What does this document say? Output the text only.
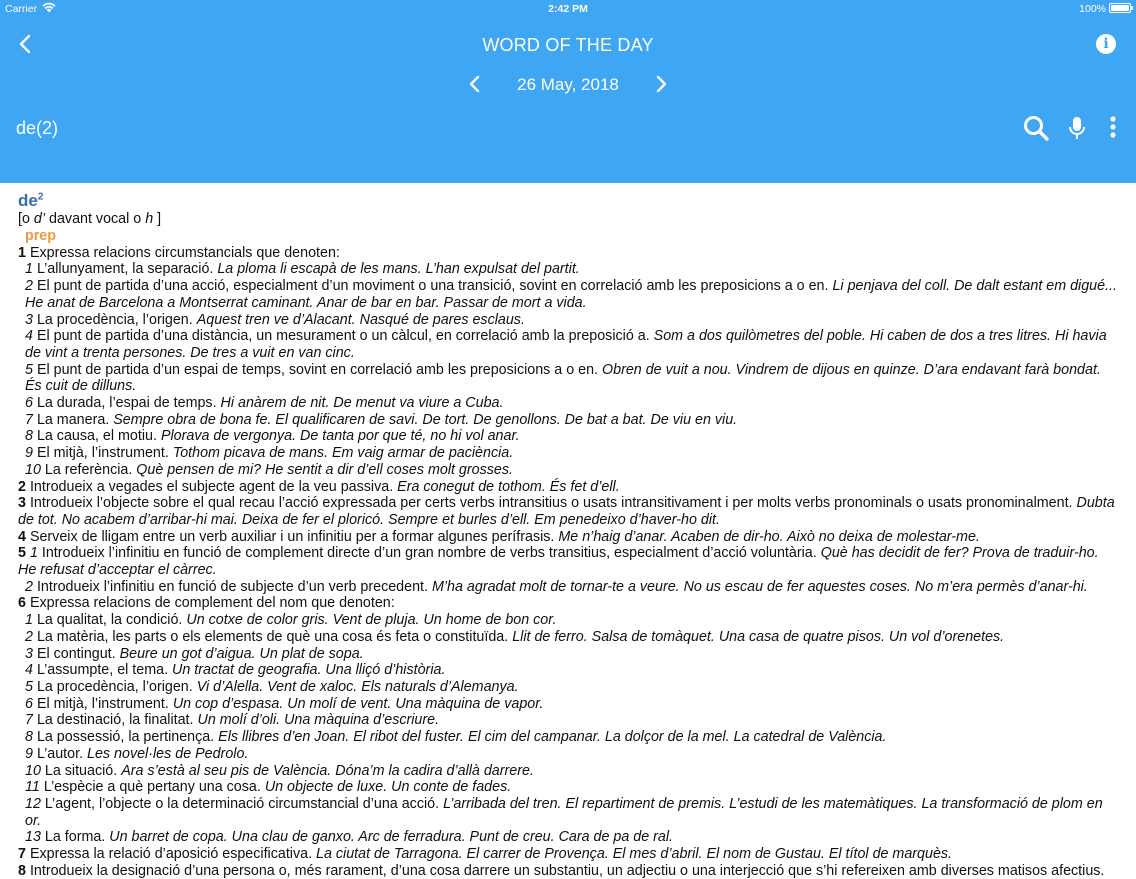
Carrier	2:42 PM	100%
WORD OF THE DAY	i
26 May, 2018
de(2)
$de^2$
[o d’ davant vocal o h ]
prep
1 Expressa relacions circumstancials que denoten:
1 L’allunyament, la separació. La ploma li escapà de les mans. L’han expulsat del partit.
2 El punt de partida d’una acció, especialment d’un moviment o una transició, sovint en correlació amb les preposicions a o en. Li penjava del coll. De dalt estant em digué... He anat de Barcelona a Montserrat caminant. Anar de bar en bar. Passar de mort a vida.
3 La procedència, l’origen. Aquest tren ve d’Alacant. Nasqué de pares esclaus.
4 El punt de partida d’una distància, un mesurament o un càlcul, en correlació amb la preposició a. Som a dos quilòmetres del poble. Hi caben de dos a tres litres. Hi havia de vint a trenta persones. De tres a vuit en van cinc.
5 El punt de partida d’un espai de temps, sovint en correlació amb les preposicions a o en. Obren de vuit a nou. Vindrem de dijous en quinze. D’ara endavant farà bondat. És cuit de dilluns.
6 La durada, l’espai de temps. Hi anàrem de nit. De menut va viure a Cuba.
7 La manera. Sempre obra de bona fe. El qualificaren de savi. De tort. De genollons. De bat a bat. De viu en viu.
8 La causa, el motiu. Plorava de vergonya. De tanta por que té, no hi vol anar.
9 El mitjà, l’instrument. Tothom picava de mans. Em vaig armar de paciència.
10 La referència. Què pensen de mi? He sentit a dir d’ell coses molt grosses.
2 Introdueix a vegades el subjecte agent de la veu passiva. Era conegut de tothom. És fet d’ell.
3 Introdueix l’objecte sobre el qual recau l’acció expressada per certs verbs intransitius o usats intransitivament i per molts verbs pronominals o usats pronominalment. Dubta de tot. No acabem d’arribar-hi mai. Deixa de fer el ploricó. Sempre et burles d’ell. Em penedeixo d’haver-ho dit.
4 Serveix de lligam entre un verb auxiliar i un infinitiu per a formar algunes perífrasis. Me n’haig d’anar. Acaben de dir-ho. Això no deixa de molestar-me.
5 1 Introdueix l’infinitiu en funció de complement directe d’un gran nombre de verbs transitius, especialment d’acció voluntària. Què has decidit de fer? Prova de traduir-ho. He refusat d’acceptar el càrrec.
2 Introdueix l’infinitiu en funció de subjecte d’un verb precedent. M’ha agradat molt de tornar-te a veure. No us escau de fer aquestes coses. No m’era permès d’anar-hi.
6 Expressa relacions de complement del nom que denoten:
1 La qualitat, la condició. Un cotxe de color gris. Vent de pluja. Un home de bon cor.
2 La matèria, les parts o els elements de què una cosa és feta o constituïda. Llit de ferro. Salsa de tomàquet. Una casa de quatre pisos. Un vol d’orenetes.
3 El contingut. Beure un got d’aigua. Un plat de sopa.
4 L’assumpte, el tema. Un tractat de geografia. Una lliçó d’història.
5 La procedència, l’origen. Vi d’Alella. Vent de xaloc. Els naturals d’Alemanya.
6 El mitjà, l’instrument. Un cop d’espasa. Un molí de vent. Una màquina de vapor.
7 La destinació, la finalitat. Un molí d’oli. Una màquina d’escriure.
8 La possessió, la pertinença. Els llibres d’en Joan. El ribot del fuster. El cim del campanar. La dolçor de la mel. La catedral de València.
9 L’autor. Les novel·les de Pedrolo.
10 La situació. Ara s’està al seu pis de València. Dóna’m la cadira d’allà darrere.
11 L’espècie a què pertany una cosa. Un objecte de luxe. Un conte de fades.
12 L’agent, l’objecte o la determinació circumstancial d’una acció. L’arribada del tren. El repartiment de premis. L’estudi de les matemàtiques. La transformació de plom en or.
13 La forma. Un barret de copa. Una clau de ganxo. Arc de ferradura. Punt de creu. Cara de pa de ral.
7 Expressa la relació d’aposició especificativa. La ciutat de Tarragona. El carrer de Provença. El mes d’abril. El nom de Gustau. El títol de marquès.
8 Introdueix la designació d’una persona o, més rarament, d’una cosa darrere un substantiu, un adjectiu o una interjecció que s’hi refereixen amb diverses matisos afectius.
